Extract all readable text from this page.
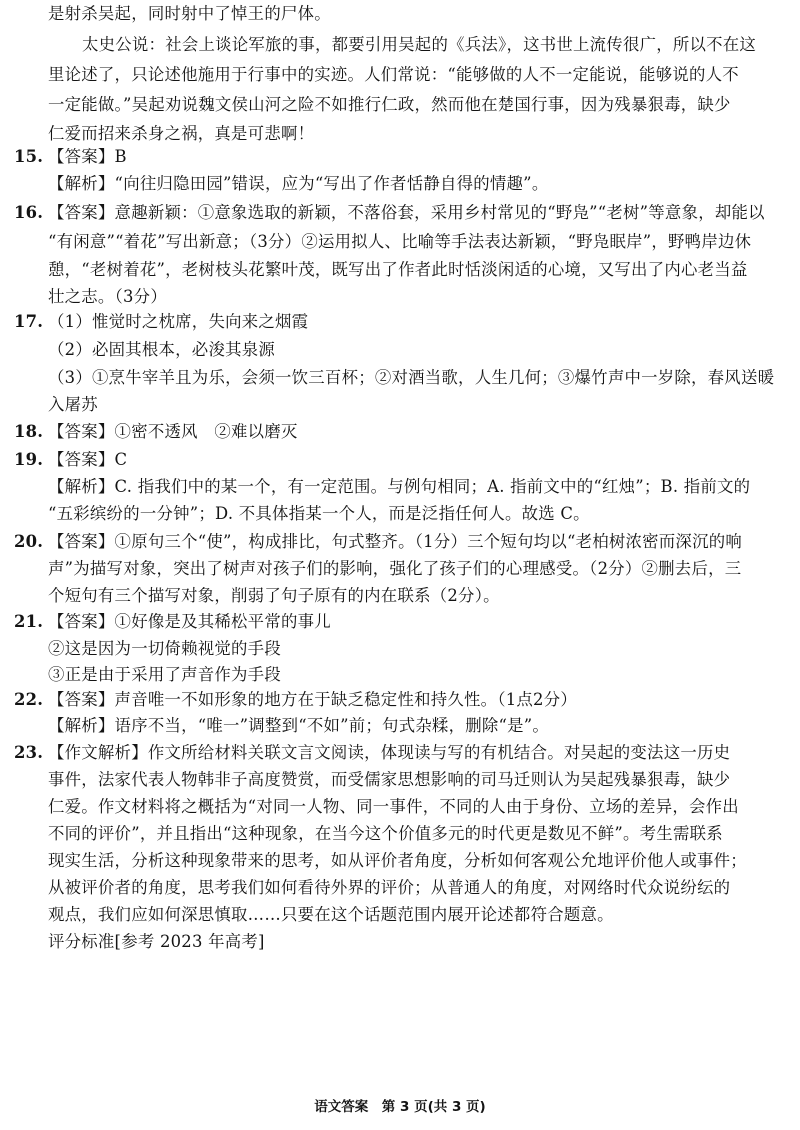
是射杀吴起，同时射中了悼王的尸体。
太史公说：社会上谈论军旅的事，都要引用吴起的《兵法》，这书世上流传很广，所以不在这
里论述了，只论述他施用于行事中的实迹。人们常说：“能够做的人不一定能说，能够说的人不
一定能做。”吴起劝说魏文侯山河之险不如推行仁政，然而他在楚国行事，因为残暴狠毒，缺少
仁爱而招来杀身之祸，真是可悲啊！
15. 【答案】B
【解析】“向往归隐田园”错误，应为“写出了作者恬静自得的情趣”。
16. 【答案】意趣新颖：①意象选取的新颖，不落俗套，采用乡村常见的“野凫”“老树”等意象，却能以
“有闲意”“着花”写出新意；（3分）②运用拟人、比喻等手法表达新颖，“野凫眠岸”，野鸭岸边休
憩，“老树着花”，老树枝头花繁叶茂，既写出了作者此时恬淡闲适的心境，又写出了内心老当益
壮之志。（3分）
17. （1）惟觉时之枕席，失向来之烟霞
（2）必固其根本，必浚其泉源
（3）①烹牛宰羊且为乐，会须一饮三百杯；②对酒当歌，人生几何；③爆竹声中一岁除，春风送暖
入屠苏
18. 【答案】①密不透风　②难以磨灭
19. 【答案】C
【解析】C. 指我们中的某一个，有一定范围。与例句相同；A. 指前文中的“红烛”；B. 指前文的
“五彩缤纷的一分钟”；D. 不具体指某一个人，而是泛指任何人。故选 C。
20. 【答案】①原句三个“使”，构成排比，句式整齐。（1分）三个短句均以“老柏树浓密而深沉的响
声”为描写对象，突出了树声对孩子们的影响，强化了孩子们的心理感受。（2分）②删去后，三
个短句有三个描写对象，削弱了句子原有的内在联系（2分）。
21. 【答案】①好像是及其稀松平常的事儿
②这是因为一切倚赖视觉的手段
③正是由于采用了声音作为手段
22. 【答案】声音唯一不如形象的地方在于缺乏稳定性和持久性。（1点2分）
【解析】语序不当，“唯一”调整到“不如”前；句式杂糅，删除“是”。
23. 【作文解析】作文所给材料关联文言文阅读，体现读与写的有机结合。对吴起的变法这一历史
事件，法家代表人物韩非子高度赞赏，而受儒家思想影响的司马迁则认为吴起残暴狠毒，缺少
仁爱。作文材料将之概括为“对同一人物、同一事件，不同的人由于身份、立场的差异，会作出
不同的评价”，并且指出“这种现象，在当今这个价值多元的时代更是数见不鲜”。考生需联系
现实生活，分析这种现象带来的思考，如从评价者角度，分析如何客观公允地评价他人或事件；
从被评价者的角度，思考我们如何看待外界的评价；从普通人的角度，对网络时代众说纷纭的
观点，我们应如何深思慎取……只要在这个话题范围内展开论述都符合题意。
评分标准[参考 2023 年高考]
语文答案　第 3 页(共 3 页)
